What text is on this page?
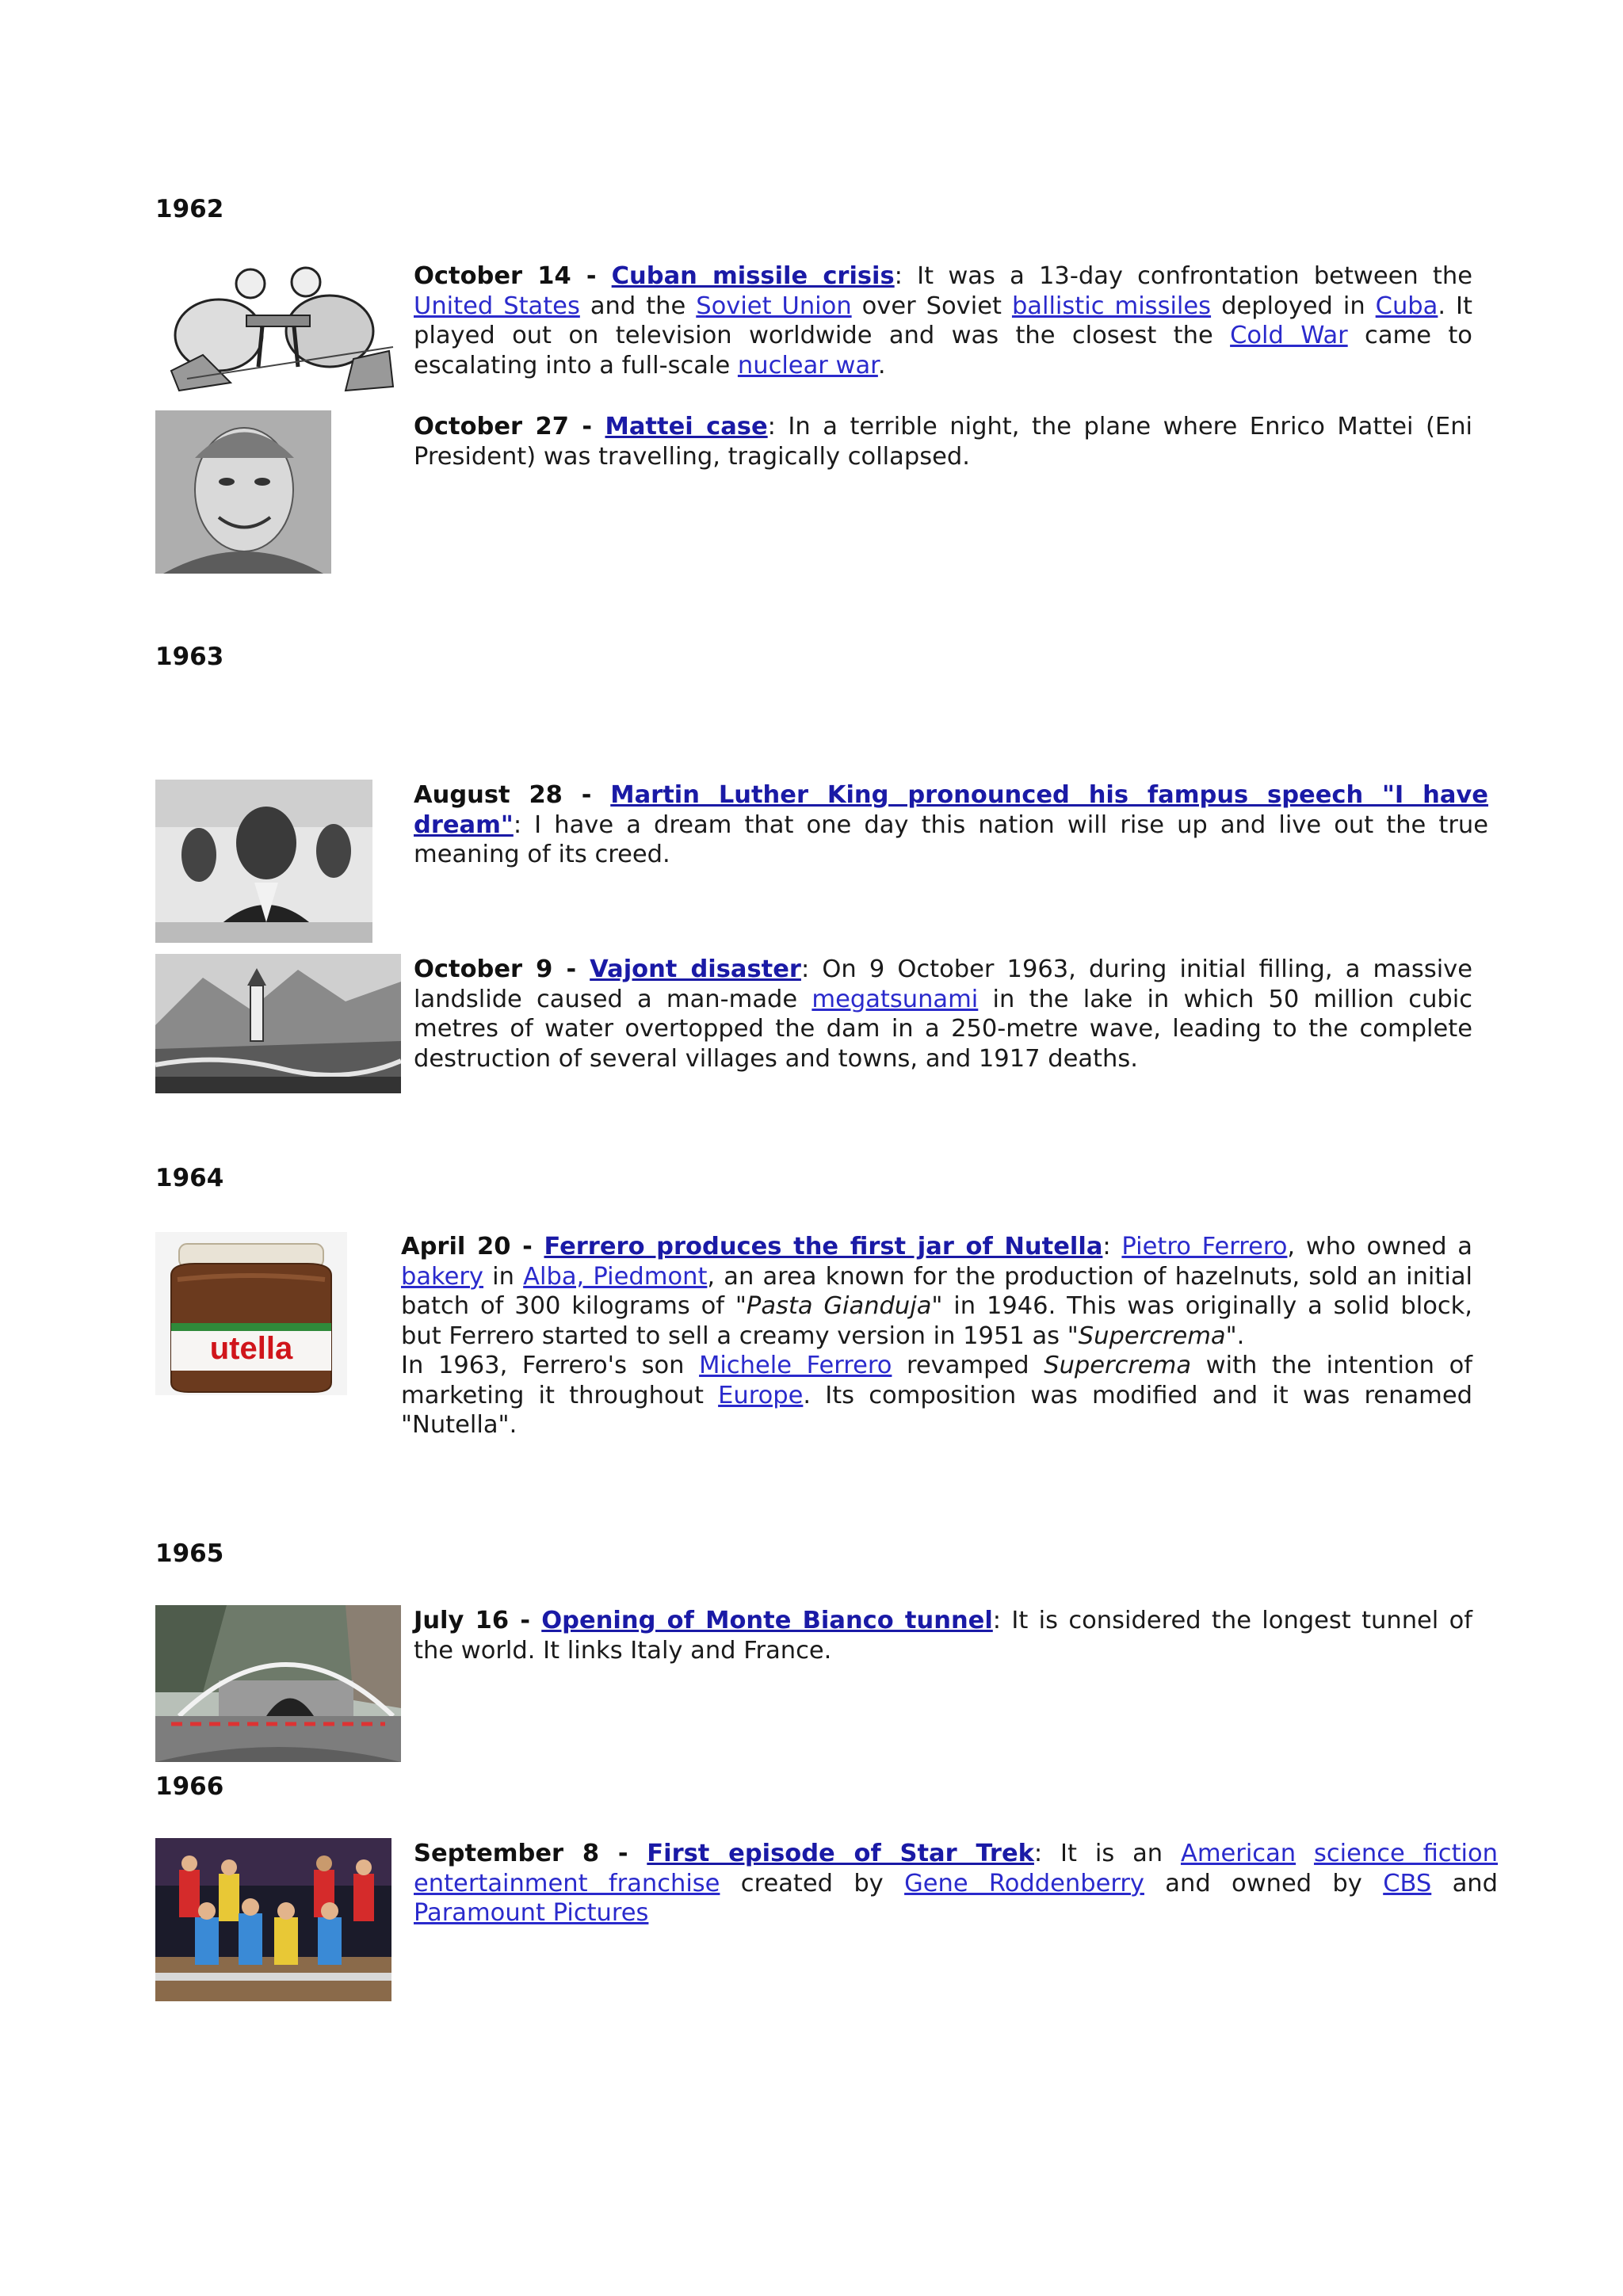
1962
October 14 - Cuban missile crisis: It was a 13-day confrontation between the United States and the Soviet Union over Soviet ballistic missiles deployed in Cuba. It played out on television worldwide and was the closest the Cold War came to escalating into a full-scale nuclear war.
October 27 - Mattei case: In a terrible night, the plane where Enrico Mattei (Eni President) was travelling, tragically collapsed.
1963
August 28 - Martin Luther King pronounced his fampus speech "I have dream": I have a dream that one day this nation will rise up and live out the true meaning of its creed.
October 9 - Vajont disaster: On 9 October 1963, during initial filling, a massive landslide caused a man-made megatsunami in the lake in which 50 million cubic metres of water overtopped the dam in a 250-metre wave, leading to the complete destruction of several villages and towns, and 1917 deaths.
1964
utella

April 20 - Ferrero produces the first jar of Nutella: Pietro Ferrero, who owned a bakery in Alba, Piedmont, an area known for the production of hazelnuts, sold an initial batch of 300 kilograms of "Pasta Gianduja" in 1946. This was originally a solid block, but Ferrero started to sell a creamy version in 1951 as "Supercrema".

In 1963, Ferrero's son Michele Ferrero revamped Supercrema with the intention of marketing it throughout Europe. Its composition was modified and it was renamed "Nutella".

1965
July 16 - Opening of Monte Bianco tunnel: It is considered the longest tunnel of the world. It links Italy and France.
1966
September 8 - First episode of Star Trek: It is an American science fiction entertainment franchise created by Gene Roddenberry and owned by CBS and Paramount Pictures
